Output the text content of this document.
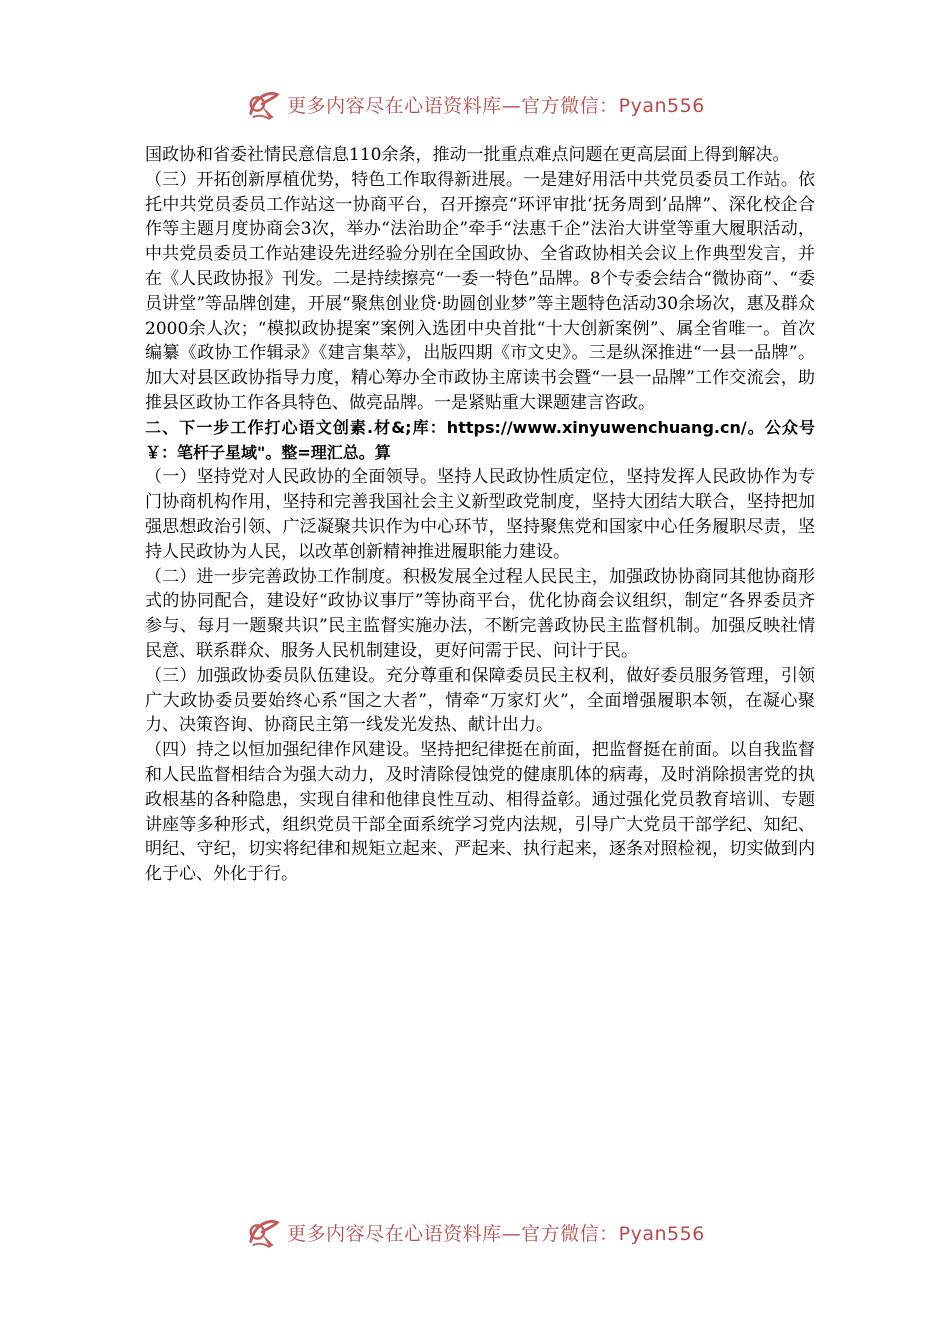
更多内容尽在心语资料库—官方微信：Pyan556

国政协和省委社情民意信息110余条，推动一批重点难点问题在更高层面上得到解决。

（三）开拓创新厚植优势，特色工作取得新进展。一是建好用活中共党员委员工作站。依托中共党员委员工作站这一协商平台，召开擦亮“环评审批‘抚务周到’品牌”、深化校企合作等主题月度协商会3次，举办“法治助企”牵手“法惠千企”法治大讲堂等重大履职活动，中共党员委员工作站建设先进经验分别在全国政协、全省政协相关会议上作典型发言，并在《人民政协报》刊发。二是持续擦亮“一委一特色”品牌。8个专委会结合“微协商”、“委员讲堂”等品牌创建，开展“聚焦创业贷·助圆创业梦”等主题特色活动30余场次，惠及群众2000余人次；“模拟政协提案”案例入选团中央首批“十大创新案例”、属全省唯一。首次编纂《政协工作辑录》《建言集萃》，出版四期《市文史》。三是纵深推进“一县一品牌”。加大对县区政协指导力度，精心筹办全市政协主席读书会暨“一县一品牌”工作交流会，助推县区政协工作各具特色、做亮品牌。一是紧贴重大课题建言咨政。

二、下一步工作打心语文创素.材&;库：https://www.xinyuwenchuang.cn/。公众号￥：笔杆子星域"。整=理汇总。算

（一）坚持党对人民政协的全面领导。坚持人民政协性质定位，坚持发挥人民政协作为专门协商机构作用，坚持和完善我国社会主义新型政党制度，坚持大团结大联合，坚持把加强思想政治引领、广泛凝聚共识作为中心环节，坚持聚焦党和国家中心任务履职尽责，坚持人民政协为人民，以改革创新精神推进履职能力建设。

（二）进一步完善政协工作制度。积极发展全过程人民民主，加强政协协商同其他协商形式的协同配合，建设好“政协议事厅”等协商平台，优化协商会议组织，制定“各界委员齐参与、每月一题聚共识”民主监督实施办法，不断完善政协民主监督机制。加强反映社情民意、联系群众、服务人民机制建设，更好问需于民、问计于民。

（三）加强政协委员队伍建设。充分尊重和保障委员民主权利，做好委员服务管理，引领广大政协委员要始终心系“国之大者”，情牵“万家灯火”，全面增强履职本领，在凝心聚力、决策咨询、协商民主第一线发光发热、献计出力。

（四）持之以恒加强纪律作风建设。坚持把纪律挺在前面，把监督挺在前面。以自我监督和人民监督相结合为强大动力，及时清除侵蚀党的健康肌体的病毒，及时消除损害党的执政根基的各种隐患，实现自律和他律良性互动、相得益彰。通过强化党员教育培训、专题讲座等多种形式，组织党员干部全面系统学习党内法规，引导广大党员干部学纪、知纪、明纪、守纪，切实将纪律和规矩立起来、严起来、执行起来，逐条对照检视，切实做到内化于心、外化于行。

更多内容尽在心语资料库—官方微信：Pyan556
